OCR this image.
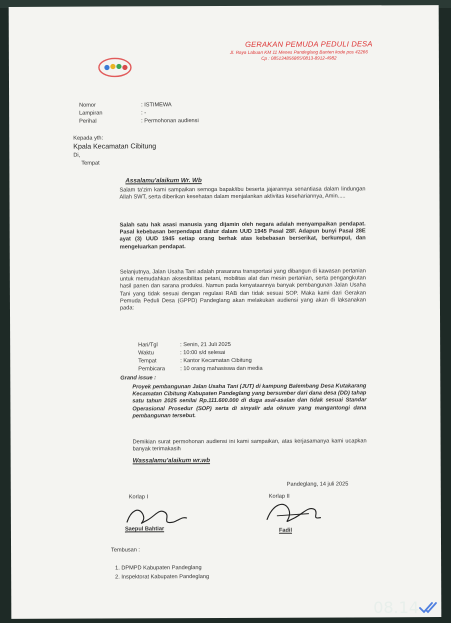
GERAKAN PEMUDA PEDULI DESA
Jl. Raya Labuan KM 11 Menes Pandeglang Banten kode pos 42266
Cp : 085134856865/0813-8912-4982
Nomor	: ISTIMEWA
Lampiran	: -
Perihal	: Permohonan audiensi
Kepada yth:
Kpala Kecamatan Cibitung
Di,
Tempat
Assalamu'alaikum Wr. Wb
Salam ta'zim kami sampaikan semoga bapak/ibu beserta jajarannya senantiasa dalam lindungan Allah SWT, serta diberikan kesehatan dalam menjalankan aktivitas kesehariannya, Amin.....
Salah satu hak asasi manusia yang dijamin oleh negara adalah menyampaikan pendapat. Pasal kebebasan berpendapat diatur dalam UUD 1945 Pasal 28F. Adapun bunyi Pasal 28E ayat (3) UUD 1945 setiap orang berhak atas kebebasan berserikat, berkumpul, dan mengeluarkan pendapat.
Selanjutnya, Jalan Usaha Tani adalah prasarana transportasi yang dibangun di kawasan pertanian untuk memudahkan aksesibilitas petani, mobilitas alat dan mesin pertanian, serta pengangkutan hasil panen dan sarana produksi. Namun pada kenyataannya banyak pembangunan Jalan Usaha Tani yang tidak sesuai dengan regulasi RAB dan tidak sesuai SOP. Maka kami dari Gerakan Pemuda Peduli Desa (GPPD) Pandeglang akan melakukan audiensi yang akan di laksanakan pada:
Hari/Tgl	: Senin, 21 Juli 2025
Waktu	: 10:00 s/d selesai
Tempat	: Kantor Kecamatan Cibitung
Pembicara	: 10 orang mahasiswa dan media
Grand issue :
Proyek pembangunan Jalan Usaha Tani (JUT) di kampung Balembang Desa Kutakarang Kecamatan Cibitung Kabupaten Pandeglang yang bersumber dari dana desa (DD) tahap satu tahun 2025 senilai Rp.111.600.000 di duga asal-asalan dan tidak sesuai Standar Operasional Prosedur (SOP) serta di sinyalir ada oknum yang mangantongi dana pembangunan tersebut.
Demikian surat permohonan audiensi ini kami sampaikan, atas kerjasamanya kami ucapkan banyak terimakasih
Wassalamu'alaikum wr.wb
Pandeglang, 14 juli 2025
Korlap I	Korlap II
Saepul Bahtiar	Fadil
Tembusan :
1. DPMPD Kabupaten Pandeglang
2. Inspektorat Kabupaten Pandeglang
08.14
